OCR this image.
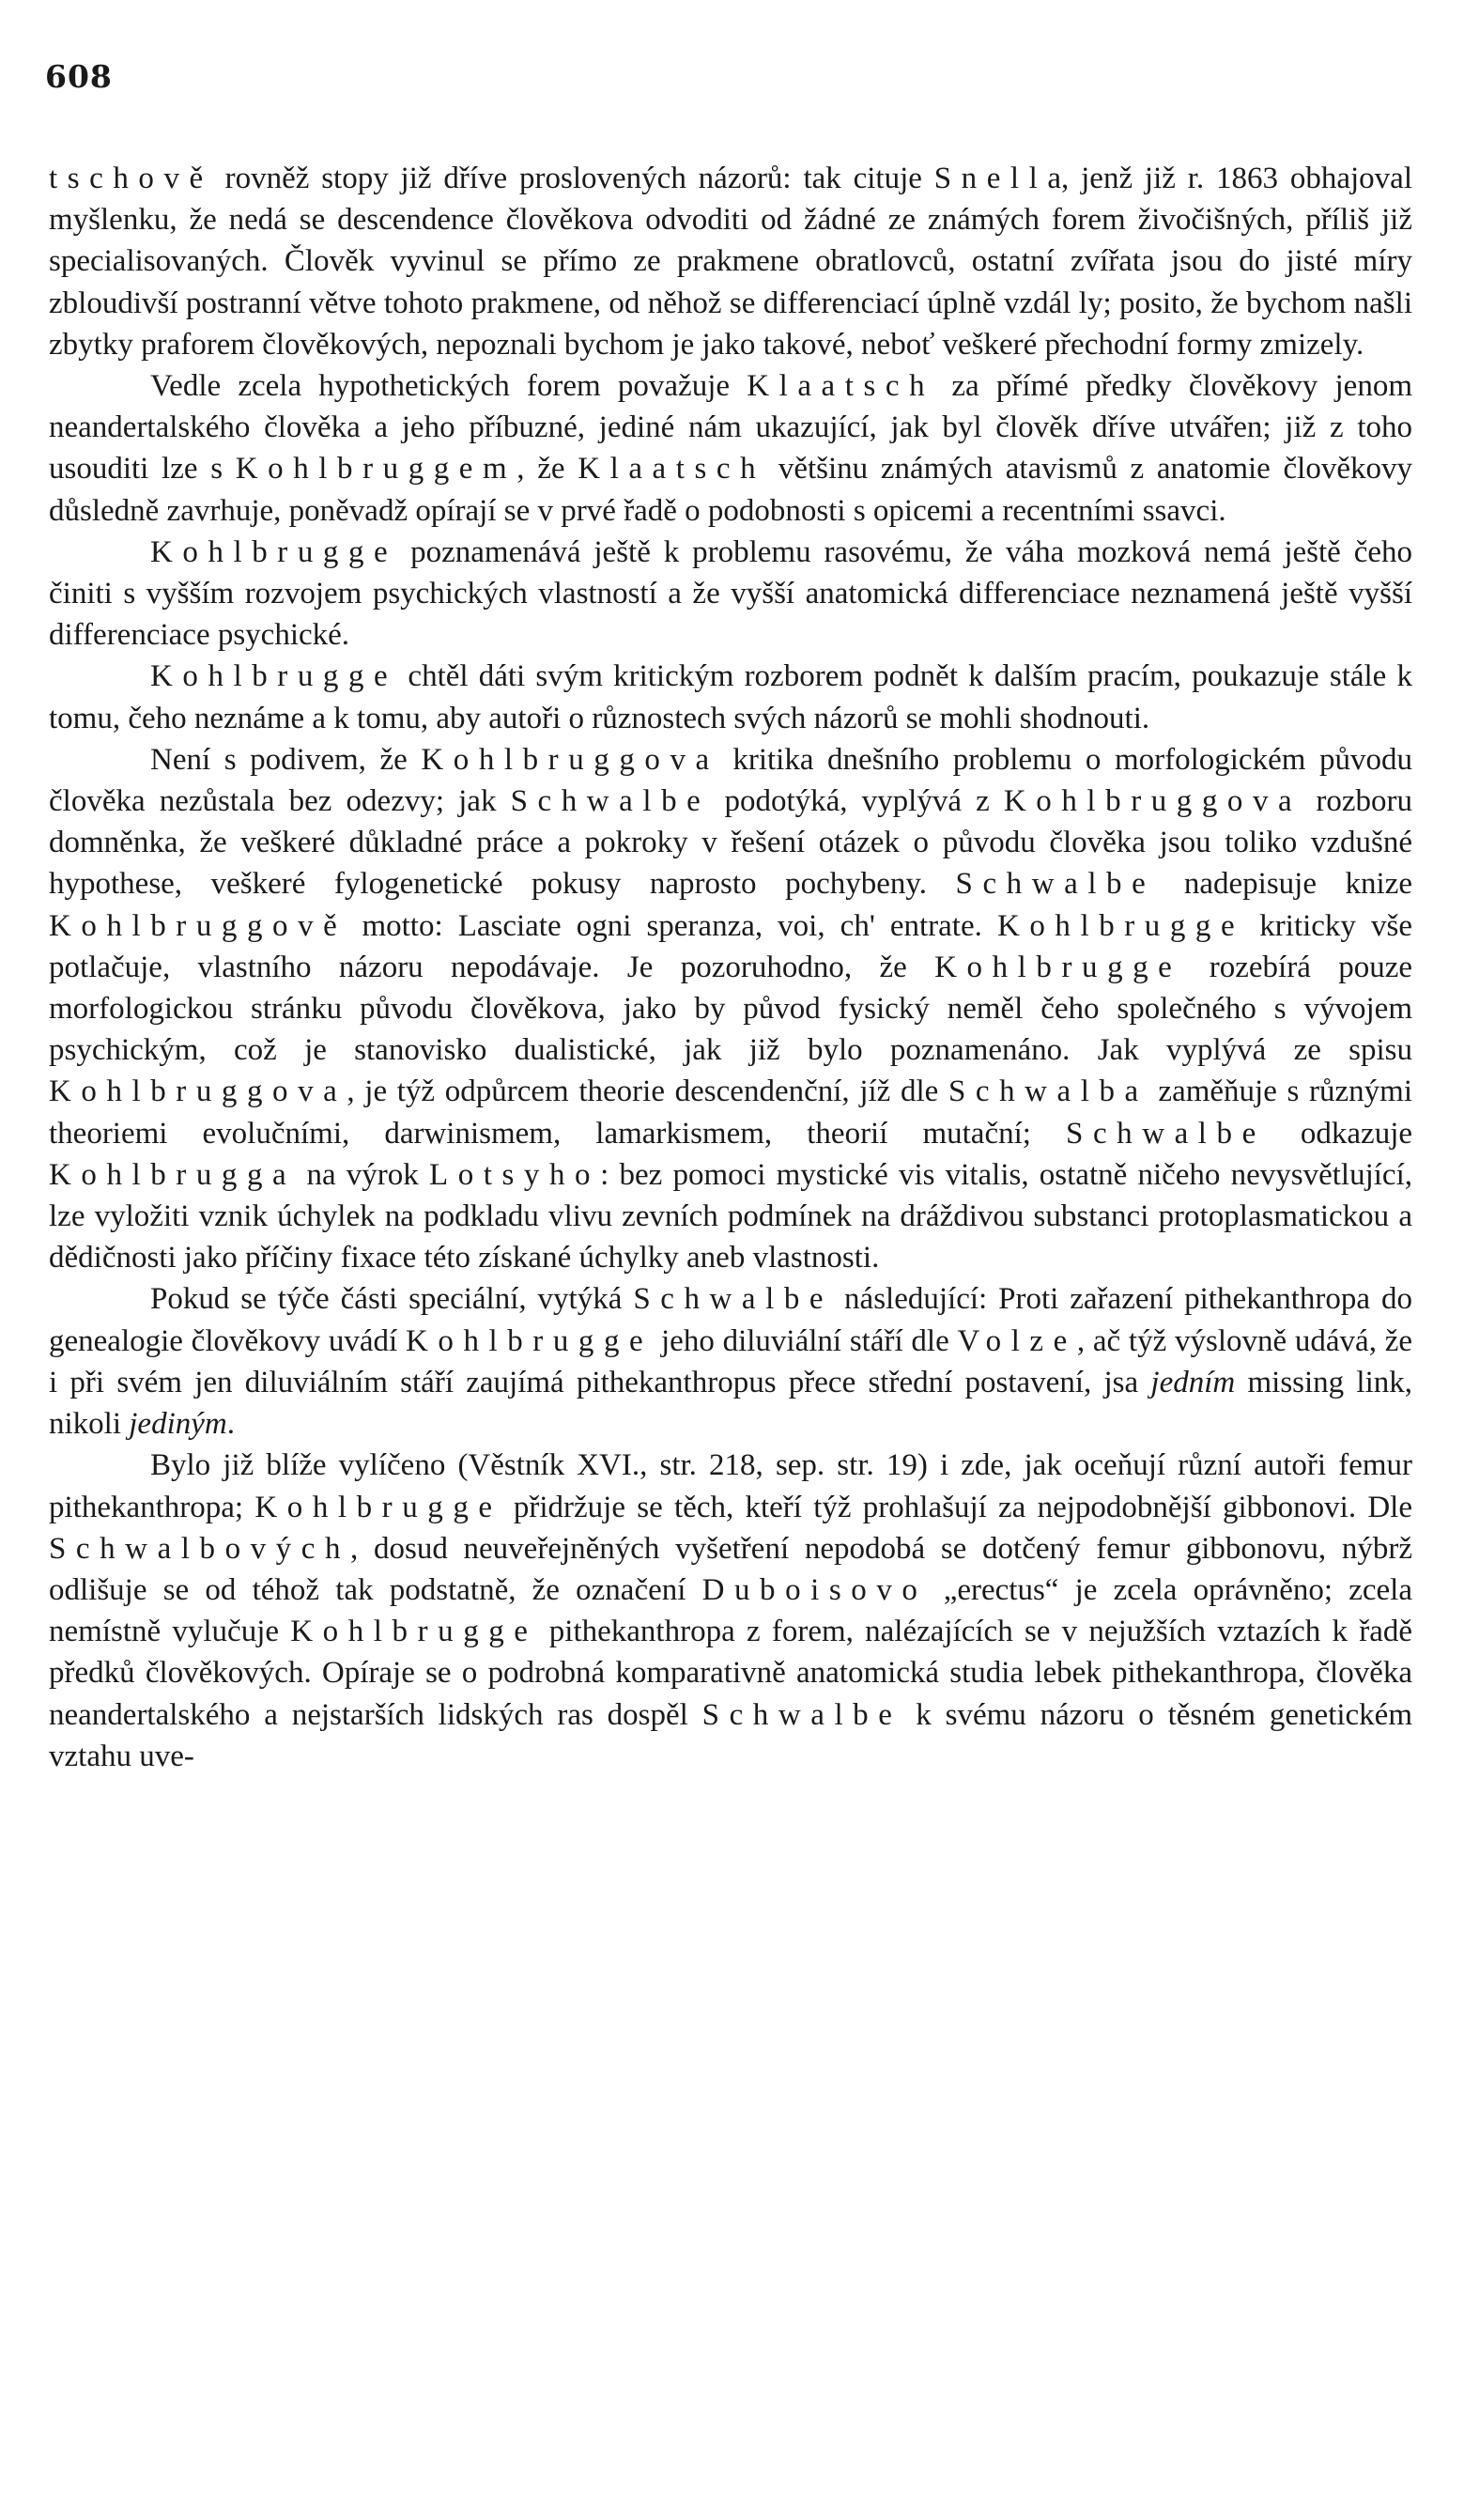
608

tschově rovněž stopy již dříve proslovených názorů: tak cituje Snella, jenž již r. 1863 obhajoval myšlenku, že nedá se descendence člověkova odvoditi od žádné ze známých forem živočišných, příliš již specialisovaných. Člověk vyvinul se přímo ze prakmene obratlovců, ostatní zvířata jsou do jisté míry zbloudivší postranní větve tohoto prakmene, od něhož se differenciací úplně vzdál ly; posito, že bychom našli zbytky praforem člověkových, nepoznali bychom je jako takové, neboť veškeré přechodní formy zmizely.

Vedle zcela hypothetických forem považuje Klaatsch za přímé předky člověkovy jenom neandertalského člověka a jeho příbuzné, jediné nám ukazující, jak byl člověk dříve utvářen; již z toho usouditi lze s Kohlbruggem, že Klaatsch většinu známých atavismů z anatomie člověkovy důsledně zavrhuje, poněvadž opírají se v prvé řadě o podobnosti s opicemi a recentními ssavci.

Kohlbrugge poznamenává ještě k problemu rasovému, že váha mozková nemá ještě čeho činiti s vyšším rozvojem psychických vlastností a že vyšší anatomická differenciace neznamená ještě vyšší differenciace psychické.

Kohlbrugge chtěl dáti svým kritickým rozborem podnět k dalším pracím, poukazuje stále k tomu, čeho neznáme a k tomu, aby autoři o různostech svých názorů se mohli shodnouti.

Není s podivem, že Kohlbruggova kritika dnešního problemu o morfologickém původu člověka nezůstala bez odezvy; jak Schwalbe podotýká, vyplývá z Kohlbruggova rozboru domněnka, že veškeré důkladné práce a pokroky v řešení otázek o původu člověka jsou toliko vzdušné hypothese, veškeré fylogenetické pokusy naprosto pochybeny. Schwalbe nadepisuje knize Kohlbruggově motto: Lasciate ogni speranza, voi, ch' entrate. Kohlbrugge kriticky vše potlačuje, vlastního názoru nepodávaje. Je pozoruhodno, že Kohlbrugge rozebírá pouze morfologickou stránku původu člověkova, jako by původ fysický neměl čeho společného s vývojem psychickým, což je stanovisko dualistické, jak již bylo poznamenáno. Jak vyplývá ze spisu Kohlbruggova, je týž odpůrcem theorie descendenční, jíž dle Schwalba zaměňuje s různými theoriemi evolučními, darwinismem, lamarkismem, theorií mutační; Schwalbe odkazuje Kohlbrugga na výrok Lotsyho: bez pomoci mystické vis vitalis, ostatně ničeho nevysvětlující, lze vyložiti vznik úchylek na podkladu vlivu zevních podmínek na dráždivou substanci protoplasmatickou a dědičnosti jako příčiny fixace této získané úchylky aneb vlastnosti.

Pokud se týče části speciální, vytýká Schwalbe následující: Proti zařazení pithekanthropa do genealogie člověkovy uvádí Kohlbrugge jeho diluviální stáří dle Volze, ač týž výslovně udává, že i při svém jen diluviálním stáří zaujímá pithekanthropus přece střední postavení, jsa jedním missing link, nikoli jediným.

Bylo již blíže vylíčeno (Věstník XVI., str. 218, sep. str. 19) i zde, jak oceňují různí autoři femur pithekanthropa; Kohlbrugge přidržuje se těch, kteří týž prohlašují za nejpodobnější gibbonovi. Dle Schwalbových, dosud neuveřejněných vyšetření nepodobá se dotčený femur gibbonovu, nýbrž odlišuje se od téhož tak podstatně, že označení Duboisovo „erectus“ je zcela oprávněno; zcela nemístně vylučuje Kohlbrugge pithekanthropa z forem, nalézajících se v nejužších vztazích k řadě předků člověkových. Opíraje se o podrobná komparativně anatomická studia lebek pithekanthropa, člověka neandertalského a nejstarších lidských ras dospěl Schwalbe k svému názoru o těsném genetickém vztahu uve-
